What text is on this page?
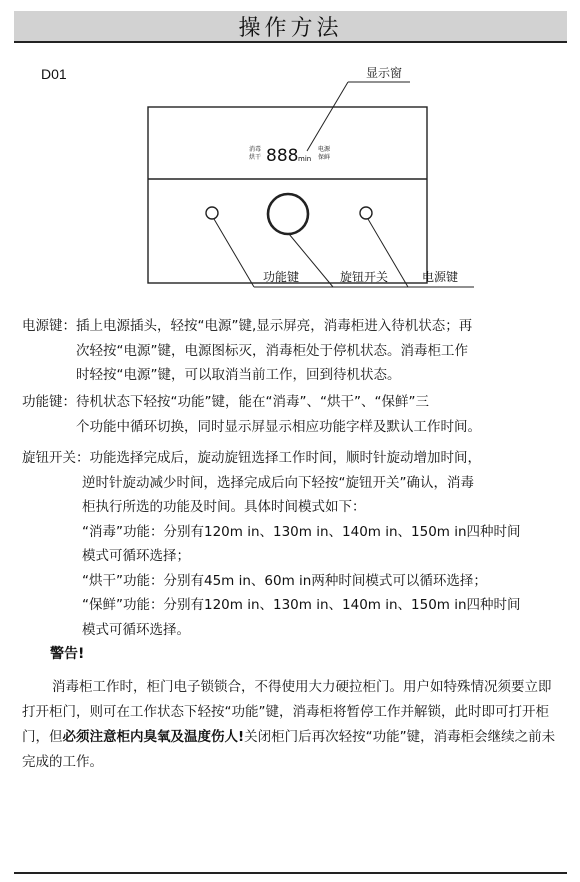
操作方法
D01	显示窗
消毒
烘干 888 min
电源
保鲜
功能键	旋钮开关	电源键
电源键： 插上电源插头，轻按“电源”键,显示屏亮，消毒柜进入待机状态；再
次轻按“电源”键，电源图标灭，消毒柜处于停机状态。消毒柜工作
时轻按“电源”键，可以取消当前工作，回到待机状态。
功能键： 待机状态下轻按“功能”键，能在“消毒”、“烘干”、“保鲜”三
个功能中循环切换，同时显示屏显示相应功能字样及默认工作时间。
旋钮开关： 功能选择完成后，旋动旋钮选择工作时间，顺时针旋动增加时间，
逆时针旋动减少时间，选择完成后向下轻按“旋钮开关”确认，消毒
柜执行所选的功能及时间。具体时间模式如下：
“消毒”功能：分别有120m in、130m in、140m in、150m in四种时间
模式可循环选择；
“烘干”功能：分别有45m in、60m in两种时间模式可以循环选择；
“保鲜”功能：分别有120m in、130m in、140m in、150m in四种时间
模式可循环选择。
警告!
消毒柜工作时，柜门电子锁锁合，不得使用大力硬拉柜门。用户如特殊情况须要立即打开柜门，则可在工作状态下轻按“功能”键，消毒柜将暂停工作并解锁，此时即可打开柜门，但必须注意柜内臭氧及温度伤人!关闭柜门后再次轻按“功能”键，消毒柜会继续之前未完成的工作。
